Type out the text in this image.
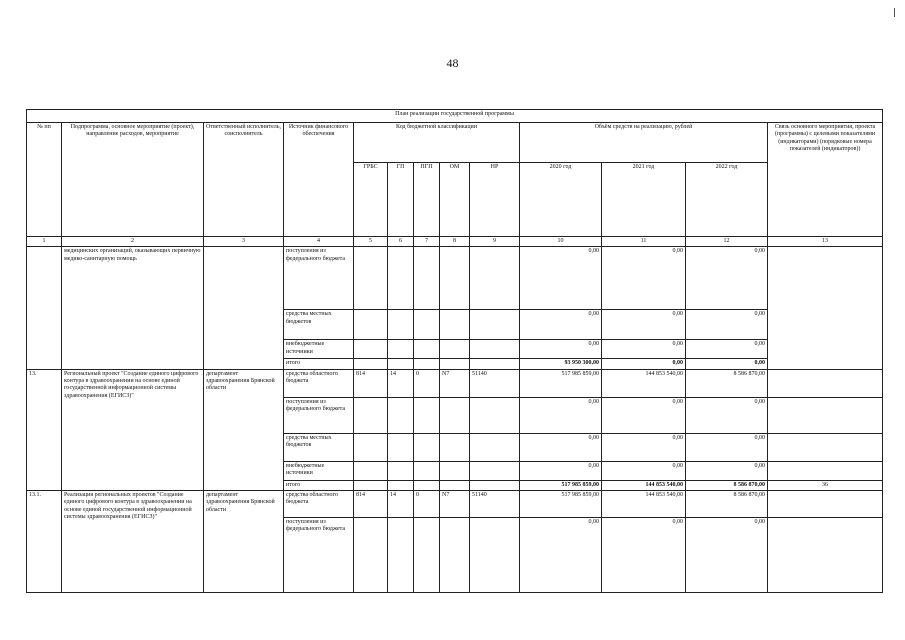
48
План реализации государственной программы												
№ пп	Подпрограмма, основное мероприятие (проект), направление расходов, мероприятие	Ответственный исполнитель, соисполнитель	Источник финансового обеспечения	Код бюджетной классификации					Объём средств на реализацию, рублей			Связь основного мероприятия, проекта (программы) с целевыми показателями (индикаторами) (порядковые номера показателей (индикаторов))
				ГРБС	ГП	ПГП	ОМ	НР	2020 год	2021 год	2022 год	
1	2	3	4	5	6	7	8	9	10	11	12	13
	медицинских организаций, оказывающих первичную медико-санитарную помощь		поступления из федерального бюджета						0,00	0,00	0,00	
			средства местных бюджетов						0,00	0,00	0,00	
			внебюджетные источники						0,00	0,00	0,00	
			итого						93 950 300,00	0,00	0,00	
13.	Региональный проект "Создание единого цифрового контура в здравоохранении на основе единой государственной информационной системы здравоохранения (ЕГИСЗ)"	департамент здравоохранения Брянской области	средства областного бюджета	814	14	0	N7	51140	517 985 859,00	144 853 540,00	8 586 870,00	
			поступления из федерального бюджета						0,00	0,00	0,00	
			средства местных бюджетов						0,00	0,00	0,00	
			внебюджетные источники						0,00	0,00	0,00	
			итого						517 985 859,00	144 853 540,00	8 586 870,00	36
13.1.	Реализация региональных проектов "Создание единого цифрового контура в здравоохранении на основе единой государственной информационной системы здравоохранения (ЕГИСЗ)"	департамент здравоохранения Брянской области	средства областного бюджета	814	14	0	N7	51140	517 985 859,00	144 853 540,00	8 586 870,00	
			поступления из федерального бюджета						0,00	0,00	0,00	
